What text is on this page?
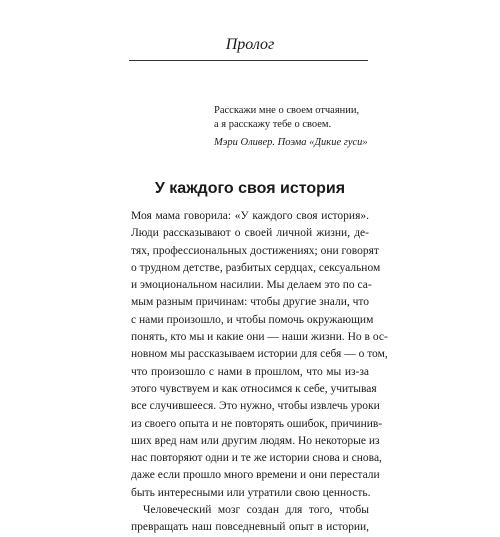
Пролог
Расскажи мне о своем отчаянии,
а я расскажу тебе о своем.
Мэри Оливер. Поэма «Дикие гуси»
У каждого своя история
Моя мама говорила: «У каждого своя история».
Люди рассказывают о своей личной жизни, де-
тях, профессиональных достижениях; они говорят
о трудном детстве, разбитых сердцах, сексуальном
и эмоциональном насилии. Мы делаем это по са-
мым разным причинам: чтобы другие знали, что
с нами произошло, и чтобы помочь окружающим
понять, кто мы и какие они — наши жизни. Но в ос-
новном мы рассказываем истории для себя — о том,
что произошло с нами в прошлом, что мы из-за
этого чувствуем и как относимся к себе, учитывая
все случившееся. Это нужно, чтобы извлечь уроки
из своего опыта и не повторять ошибок, причинив-
ших вред нам или другим людям. Но некоторые из
нас повторяют одни и те же истории снова и снова,
даже если прошло много времени и они перестали
быть интересными или утратили свою ценность.
Человеческий мозг создан для того, чтобы
превращать наш повседневный опыт в истории,
